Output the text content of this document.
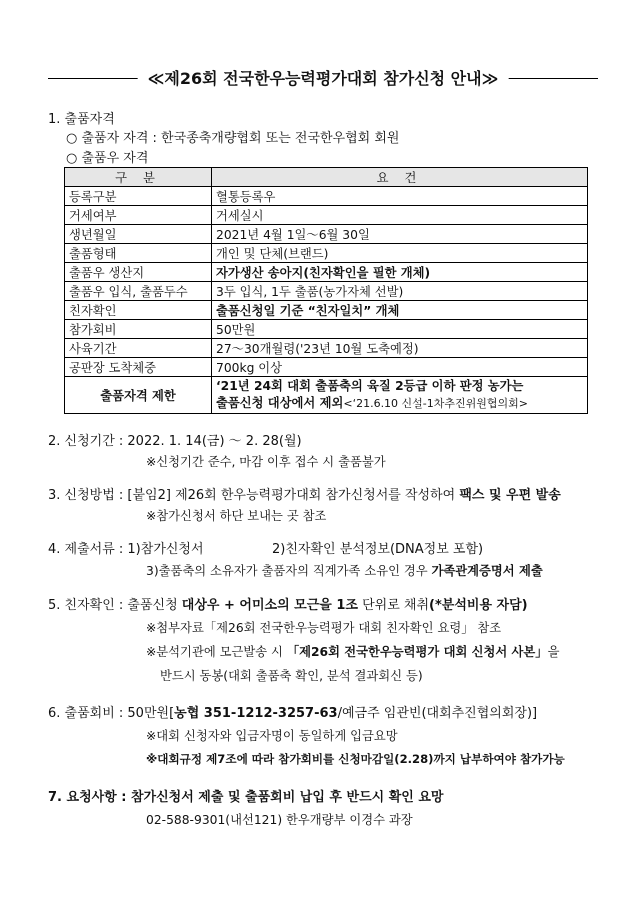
≪제26회 전국한우능력평가대회 참가신청 안내≫
1. 출품자격
○ 출품자 자격 : 한국종축개량협회 또는 전국한우협회 회원
○ 출품우 자격
구 분	요 건
등록구분	혈통등록우
거세여부	거세실시
생년월일	2021년 4월 1일～6월 30일
출품형태	개인 및 단체(브랜드)
출품우 생산지	자가생산 송아지(친자확인을 필한 개체)
출품우 입식, 출품두수	3두 입식, 1두 출품(농가자체 선발)
친자확인	출품신청일 기준 “친자일치” 개체
참가회비	50만원
사육기간	27～30개월령('23년 10월 도축예정)
공판장 도착체중	700kg 이상
출품자격 제한	‘21년 24회 대회 출품축의 육질 2등급 이하 판정 농가는
출품신청 대상에서 제외<‘21.6.10 신설-1차추진위원협의회>
2. 신청기간 : 2022. 1. 14(금) ～ 2. 28(월)
※신청기간 준수, 마감 이후 접수 시 출품불가
3. 신청방법 : [붙임2] 제26회 한우능력평가대회 참가신청서를 작성하여 팩스 및 우편 발송
※참가신청서 하단 보내는 곳 참조
4. 제출서류 : 1)참가신청서	2)친자확인 분석정보(DNA정보 포함)
3)출품축의 소유자가 출품자의 직계가족 소유인 경우 가족관계증명서 제출
5. 친자확인 : 출품신청 대상우 + 어미소의 모근을 1조 단위로 채취(*분석비용 자담)
※첨부자료「제26회 전국한우능력평가 대회 친자확인 요령」 참조
※분석기관에 모근발송 시 「제26회 전국한우능력평가 대회 신청서 사본」을
반드시 동봉(대회 출품축 확인, 분석 결과회신 등)
6. 출품회비 : 50만원[농협 351-1212-3257-63/예금주 임관빈(대회추진협의회장)]
※대회 신청자와 입금자명이 동일하게 입금요망
※대회규정 제7조에 따라 참가회비를 신청마감일(2.28)까지 납부하여야 참가가능
7. 요청사항 : 참가신청서 제출 및 출품회비 납입 후 반드시 확인 요망
02-588-9301(내선121) 한우개량부 이경수 과장
